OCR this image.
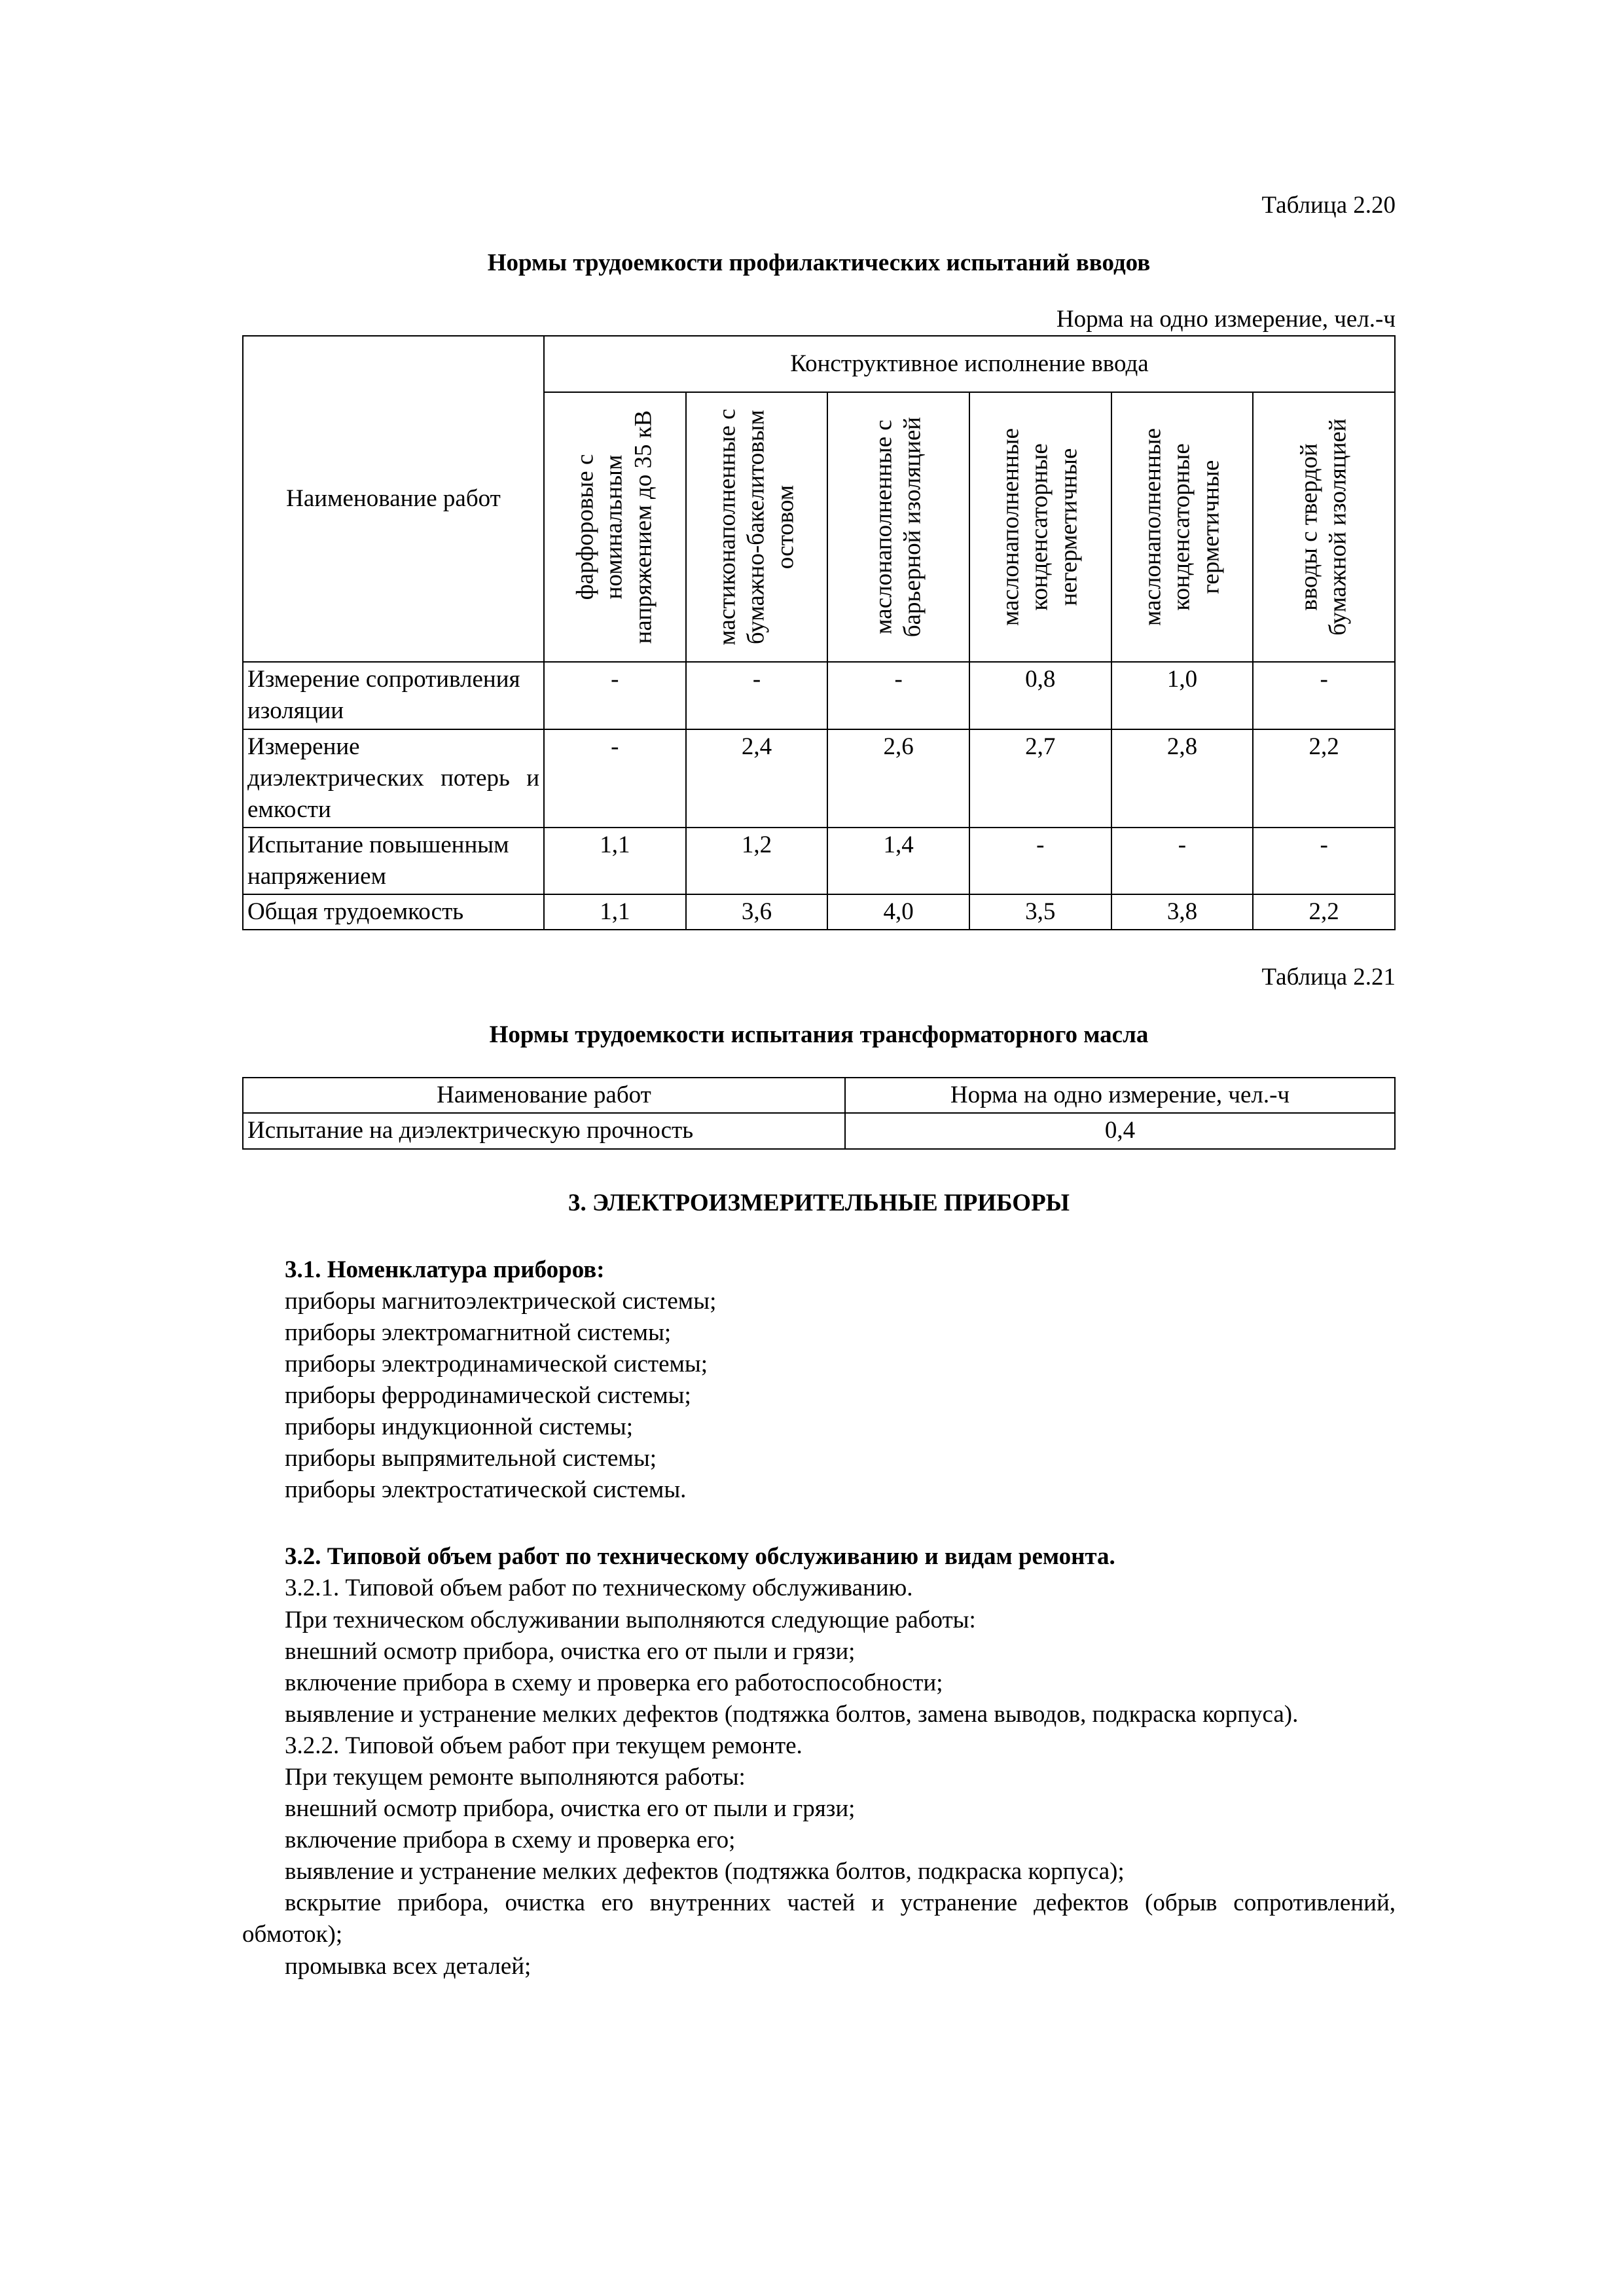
Таблица 2.20

Нормы трудоемкости профилактических испытаний вводов

Норма на одно измерение, чел.-ч

Наименование работ	Конструктивное исполнение ввода					

	фарфоровые с номинальным напряжением до 35 кВ	мастиконаполненные с бумажно-бакелитовым остовом	маслонаполненные с барьерной изоляцией	маслонаполненные конденсаторные негерметичные	маслонаполненные конденсаторные герметичные	вводы с твердой бумажной изоляцией

Измерение сопротивления изоляции	-	-	-	0,8	1,0	-
Измерение диэлектрических потерь и емкости	-	2,4	2,6	2,7	2,8	2,2
Испытание повышенным напряжением	1,1	1,2	1,4	-	-	-
Общая трудоемкость	1,1	3,6	4,0	3,5	3,8	2,2

Таблица 2.21

Нормы трудоемкости испытания трансформаторного масла

Наименование работ	Норма на одно измерение, чел.-ч
Испытание на диэлектрическую прочность	0,4

3. ЭЛЕКТРОИЗМЕРИТЕЛЬНЫЕ ПРИБОРЫ

3.1. Номенклатура приборов:

приборы магнитоэлектрической системы;

приборы электромагнитной системы;

приборы электродинамической системы;

приборы ферродинамической системы;

приборы индукционной системы;

приборы выпрямительной системы;

приборы электростатической системы.

3.2. Типовой объем работ по техническому обслуживанию и видам ремонта.

3.2.1. Типовой объем работ по техническому обслуживанию.

При техническом обслуживании выполняются следующие работы:

внешний осмотр прибора, очистка его от пыли и грязи;

включение прибора в схему и проверка его работоспособности;

выявление и устранение мелких дефектов (подтяжка болтов, замена выводов, подкраска корпуса).

3.2.2. Типовой объем работ при текущем ремонте.

При текущем ремонте выполняются работы:

внешний осмотр прибора, очистка его от пыли и грязи;

включение прибора в схему и проверка его;

выявление и устранение мелких дефектов (подтяжка болтов, подкраска корпуса);

вскрытие прибора, очистка его внутренних частей и устранение дефектов (обрыв сопротивлений, обмоток);

промывка всех деталей;
